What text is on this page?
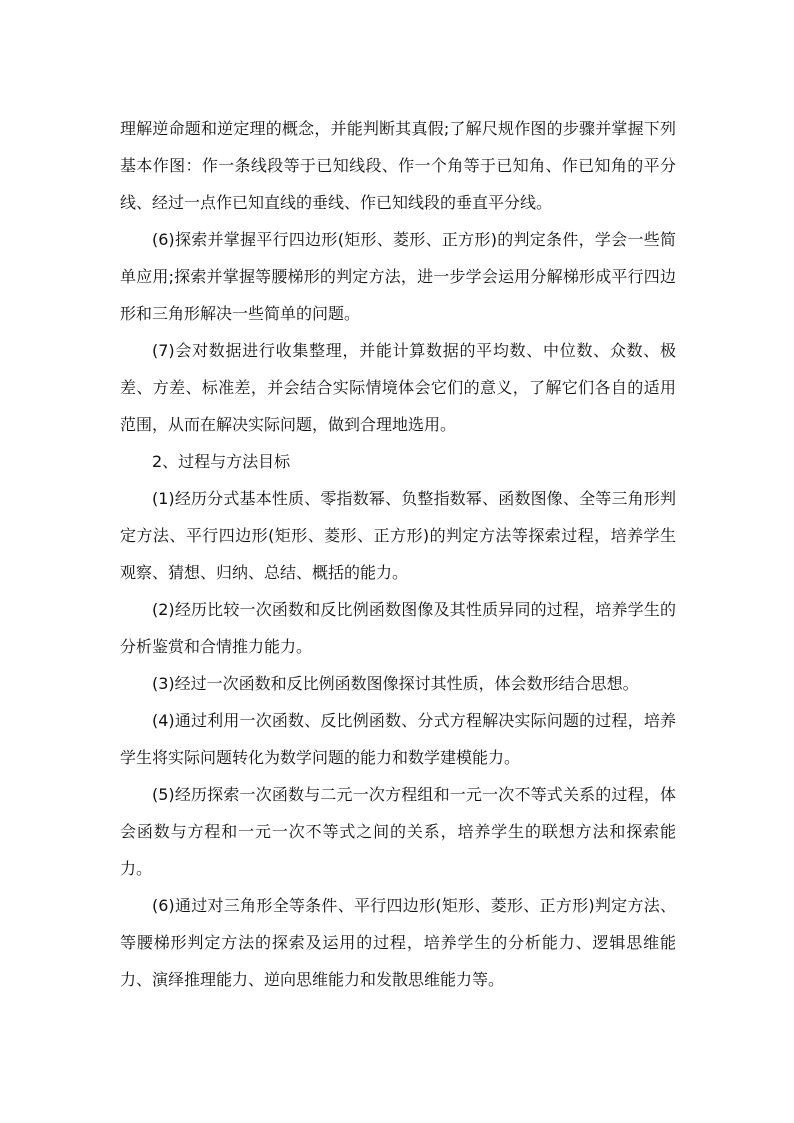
理解逆命题和逆定理的概念，并能判断其真假;了解尺规作图的步骤并掌握下列基本作图：作一条线段等于已知线段、作一个角等于已知角、作已知角的平分线、经过一点作已知直线的垂线、作已知线段的垂直平分线。

(6)探索并掌握平行四边形(矩形、菱形、正方形)的判定条件，学会一些简单应用;探索并掌握等腰梯形的判定方法，进一步学会运用分解梯形成平行四边形和三角形解决一些简单的问题。

(7)会对数据进行收集整理，并能计算数据的平均数、中位数、众数、极差、方差、标准差，并会结合实际情境体会它们的意义，了解它们各自的适用范围，从而在解决实际问题，做到合理地选用。

2、过程与方法目标

(1)经历分式基本性质、零指数幂、负整指数幂、函数图像、全等三角形判定方法、平行四边形(矩形、菱形、正方形)的判定方法等探索过程，培养学生观察、猜想、归纳、总结、概括的能力。

(2)经历比较一次函数和反比例函数图像及其性质异同的过程，培养学生的分析鉴赏和合情推力能力。

(3)经过一次函数和反比例函数图像探讨其性质，体会数形结合思想。

(4)通过利用一次函数、反比例函数、分式方程解决实际问题的过程，培养学生将实际问题转化为数学问题的能力和数学建模能力。

(5)经历探索一次函数与二元一次方程组和一元一次不等式关系的过程，体会函数与方程和一元一次不等式之间的关系，培养学生的联想方法和探索能力。

(6)通过对三角形全等条件、平行四边形(矩形、菱形、正方形)判定方法、等腰梯形判定方法的探索及运用的过程，培养学生的分析能力、逻辑思维能力、演绎推理能力、逆向思维能力和发散思维能力等。
